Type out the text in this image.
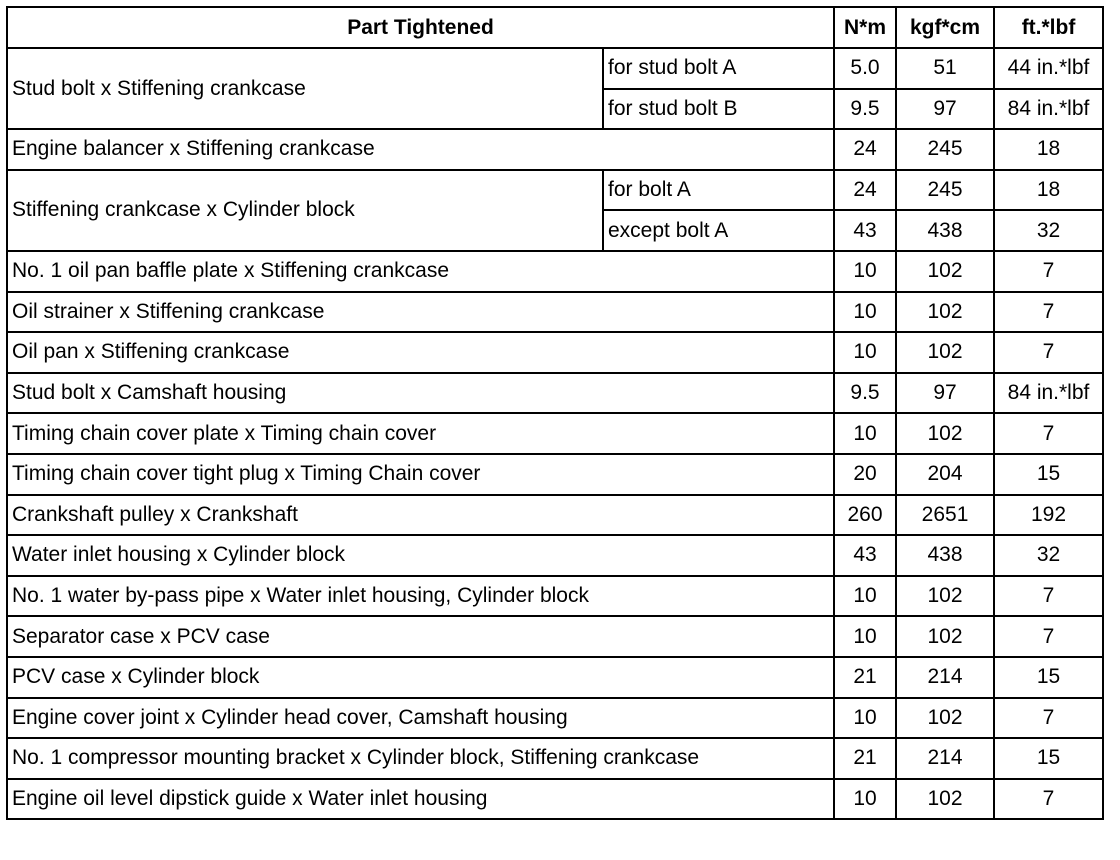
Part Tightened		N*m	kgf*cm	ft.*lbf
Stud bolt x Stiffening crankcase	for stud bolt A	5.0	51	44 in.*lbf
	for stud bolt B	9.5	97	84 in.*lbf
Engine balancer x Stiffening crankcase		24	245	18
Stiffening crankcase x Cylinder block	for bolt A	24	245	18
	except bolt A	43	438	32
No. 1 oil pan baffle plate x Stiffening crankcase		10	102	7
Oil strainer x Stiffening crankcase		10	102	7
Oil pan x Stiffening crankcase		10	102	7
Stud bolt x Camshaft housing		9.5	97	84 in.*lbf
Timing chain cover plate x Timing chain cover		10	102	7
Timing chain cover tight plug x Timing Chain cover		20	204	15
Crankshaft pulley x Crankshaft		260	2651	192
Water inlet housing x Cylinder block		43	438	32
No. 1 water by-pass pipe x Water inlet housing, Cylinder block		10	102	7
Separator case x PCV case		10	102	7
PCV case x Cylinder block		21	214	15
Engine cover joint x Cylinder head cover, Camshaft housing		10	102	7
No. 1 compressor mounting bracket x Cylinder block, Stiffening crankcase		21	214	15
Engine oil level dipstick guide x Water inlet housing		10	102	7
